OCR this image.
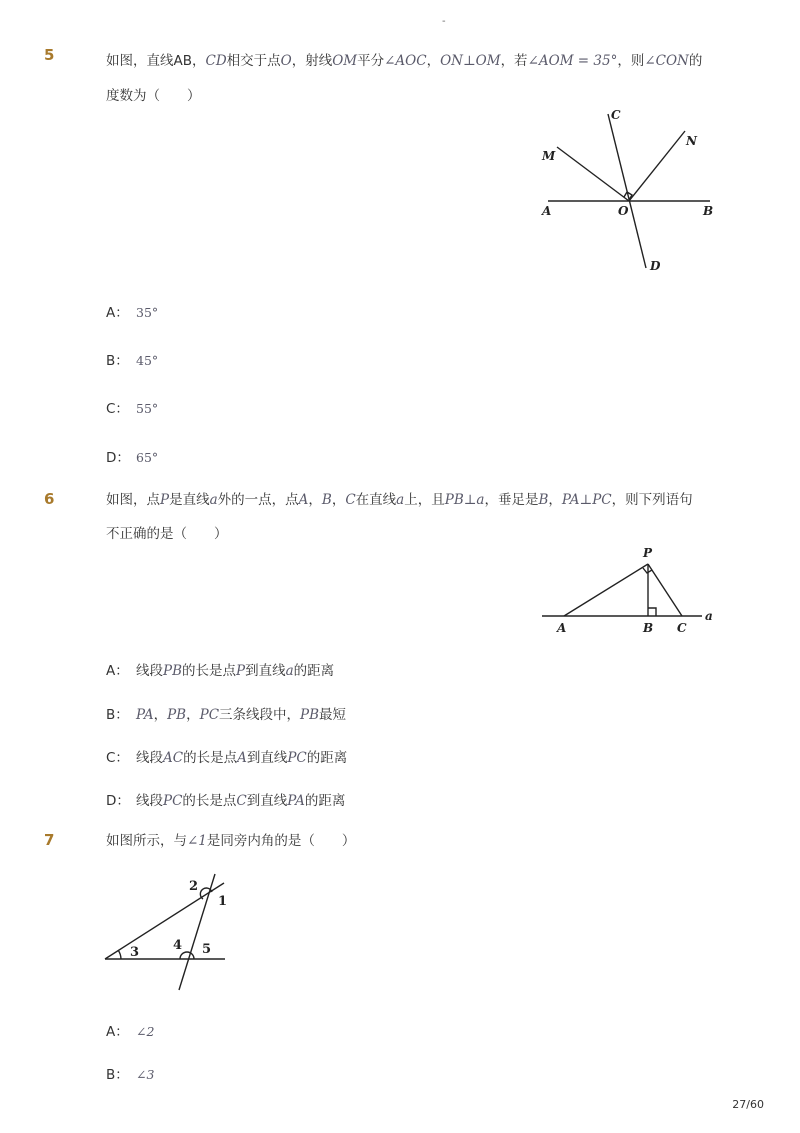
-
5	如图，直线AB，CD相交于点O，射线OM平分∠AOC，ON⊥OM，若∠AOM = 35°，则∠CON的
度数为（　　）
A	B
C
D
M
N
O
A： 35°
B： 45°
C： 55°
D： 65°
6	如图，点P是直线a外的一点，点A，B，C在直线a上，且PB⊥a，垂足是B，PA⊥PC，则下列语句
不正确的是（　　）
P
A	B C
a
A： 线段PB的长是点P到直线a的距离
B： PA，PB，PC三条线段中，PB最短
C： 线段AC的长是点A到直线PC的距离
D： 线段PC的长是点C到直线PA的距离
7	如图所示，与∠1是同旁内角的是（　　）
1
2
3	4 5
A： ∠2
B： ∠3
27/60
